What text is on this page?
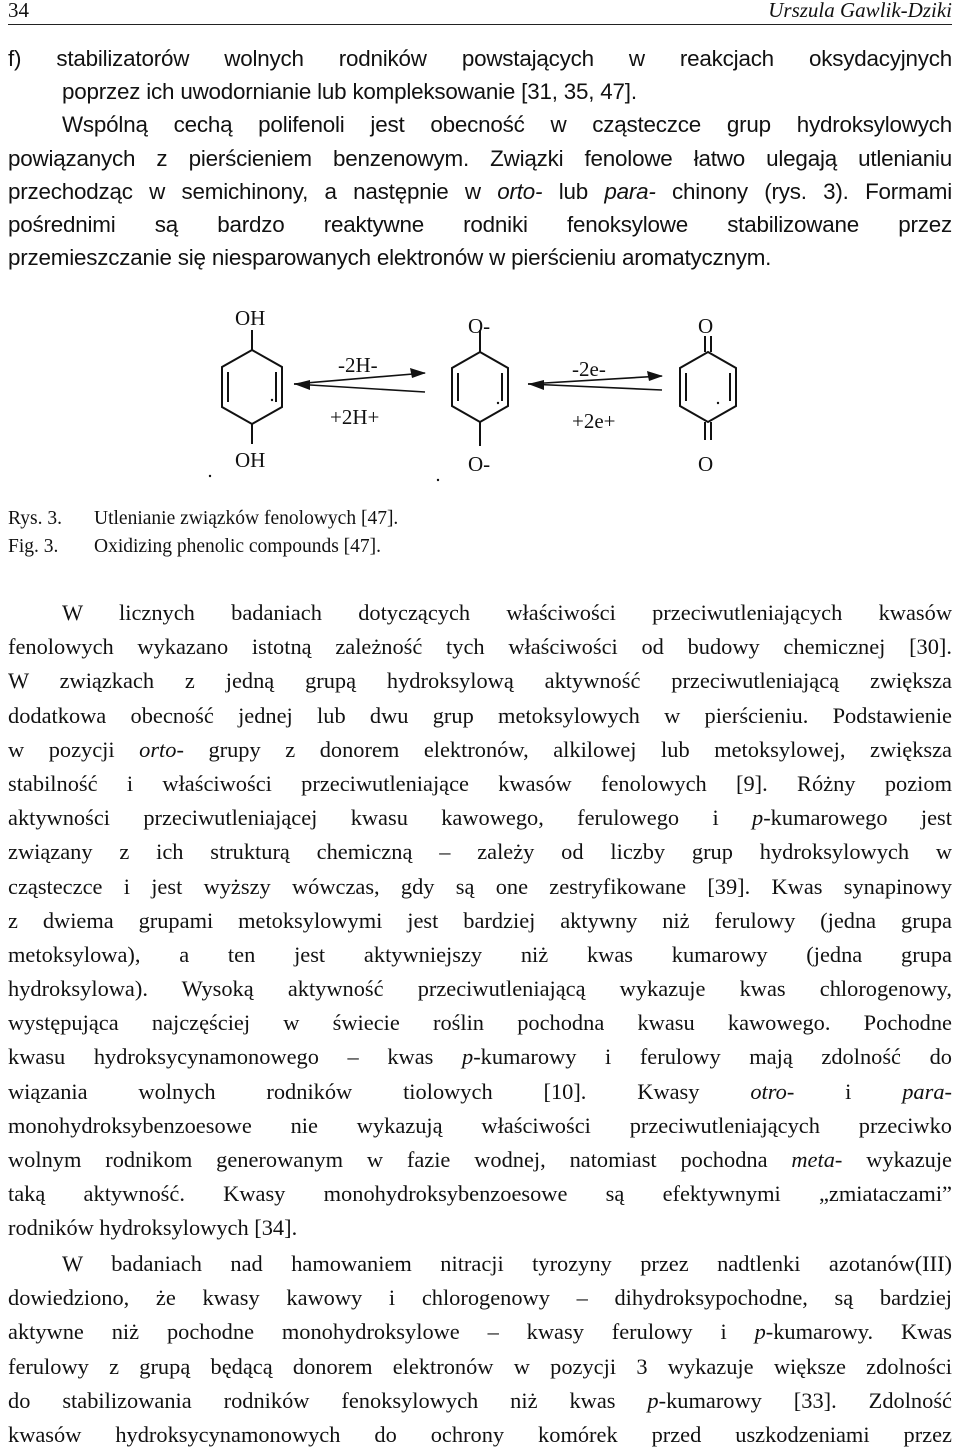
34	Urszula Gawlik-Dziki
f) stabilizatorów wolnych rodników powstających w reakcjach oksydacyjnych
poprzez ich uwodornianie lub kompleksowanie [31, 35, 47].
Wspólną cechą polifenoli jest obecność w cząsteczce grup hydroksylowych
powiązanych z pierścieniem benzenowym. Związki fenolowe łatwo ulegają utlenianiu
przechodząc w semichinony, a następnie w orto- lub para- chinony (rys. 3). Formami
pośrednimi są bardzo reaktywne rodniki fenoksylowe stabilizowane przez
przemieszczanie się niesparowanych elektronów w pierścieniu aromatycznym.
OH
OH
O-
O-
O
O
-2H-
+2H+
-2e-
+2e+
Rys. 3. Utlenianie związków fenolowych [47].
Fig. 3. Oxidizing phenolic compounds [47].
W licznych badaniach dotyczących właściwości przeciwutleniających kwasów
fenolowych wykazano istotną zależność tych właściwości od budowy chemicznej [30].
W związkach z jedną grupą hydroksylową aktywność przeciwutleniającą zwiększa
dodatkowa obecność jednej lub dwu grup metoksylowych w pierścieniu. Podstawienie
w pozycji orto- grupy z donorem elektronów, alkilowej lub metoksylowej, zwiększa
stabilność i właściwości przeciwutleniające kwasów fenolowych [9]. Różny poziom
aktywności przeciwutleniającej kwasu kawowego, ferulowego i p-kumarowego jest
związany z ich strukturą chemiczną – zależy od liczby grup hydroksylowych w
cząsteczce i jest wyższy wówczas, gdy są one zestryfikowane [39]. Kwas synapinowy
z dwiema grupami metoksylowymi jest bardziej aktywny niż ferulowy (jedna grupa
metoksylowa), a ten jest aktywniejszy niż kwas kumarowy (jedna grupa
hydroksylowa). Wysoką aktywność przeciwutleniającą wykazuje kwas chlorogenowy,
występująca najczęściej w świecie roślin pochodna kwasu kawowego. Pochodne
kwasu hydroksycynamonowego – kwas p-kumarowy i ferulowy mają zdolność do
wiązania wolnych rodników tiolowych [10]. Kwasy otro- i para-
monohydroksybenzoesowe nie wykazują właściwości przeciwutleniających przeciwko
wolnym rodnikom generowanym w fazie wodnej, natomiast pochodna meta- wykazuje
taką aktywność. Kwasy monohydroksybenzoesowe są efektywnymi „zmiataczami”
rodników hydroksylowych [34].
W badaniach nad hamowaniem nitracji tyrozyny przez nadtlenki azotanów(III)
dowiedziono, że kwasy kawowy i chlorogenowy – dihydroksypochodne, są bardziej
aktywne niż pochodne monohydroksylowe – kwasy ferulowy i p-kumarowy. Kwas
ferulowy z grupą będącą donorem elektronów w pozycji 3 wykazuje większe zdolności
do stabilizowania rodników fenoksylowych niż kwas p-kumarowy [33]. Zdolność
kwasów hydroksycynamonowych do ochrony komórek przed uszkodzeniami przez
